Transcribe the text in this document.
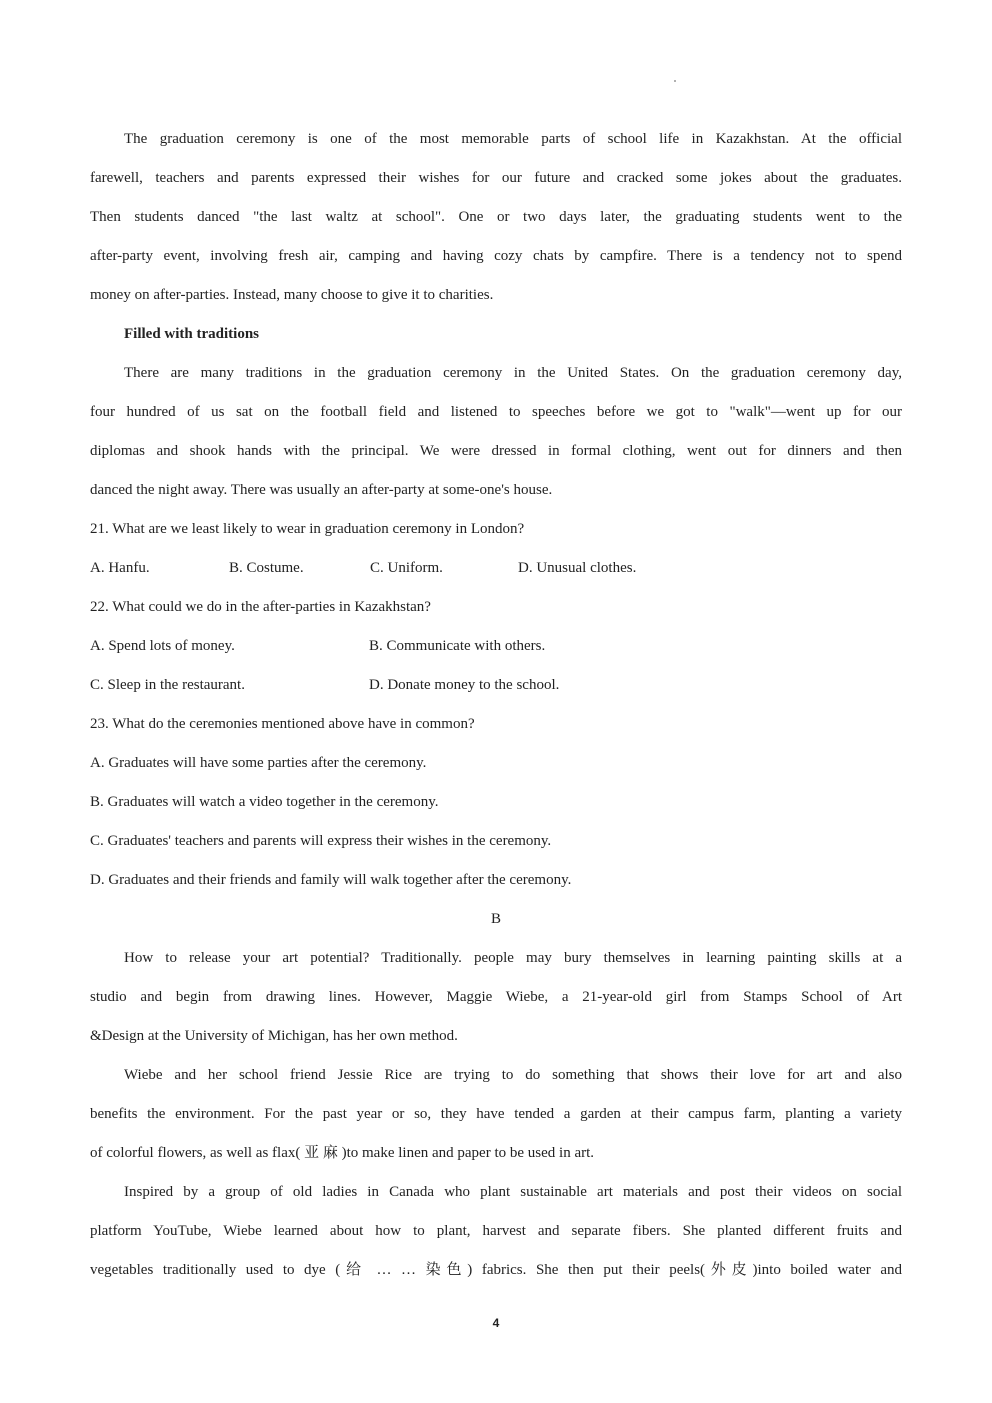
The graduation ceremony is one of the most memorable parts of school life in Kazakhstan. At the official
farewell, teachers and parents expressed their wishes for our future and cracked some jokes about the graduates.
Then students danced "the last waltz at school". One or two days later, the graduating students went to the
after-party event, involving fresh air, camping and having cozy chats by campfire. There is a tendency not to spend
money on after-parties. Instead, many choose to give it to charities.
Filled with traditions
There are many traditions in the graduation ceremony in the United States. On the graduation ceremony day,
four hundred of us sat on the football field and listened to speeches before we got to "walk"—went up for our
diplomas and shook hands with the principal. We were dressed in formal clothing, went out for dinners and then
danced the night away. There was usually an after-party at some-one's house.
21. What are we least likely to wear in graduation ceremony in London?
A. Hanfu.	B. Costume.	C. Uniform.	D. Unusual clothes.
22. What could we do in the after-parties in Kazakhstan?
A. Spend lots of money.	B. Communicate with others.
C. Sleep in the restaurant.	D. Donate money to the school.
23. What do the ceremonies mentioned above have in common?
A. Graduates will have some parties after the ceremony.
B. Graduates will watch a video together in the ceremony.
C. Graduates' teachers and parents will express their wishes in the ceremony.
D. Graduates and their friends and family will walk together after the ceremony.
B
How to release your art potential? Traditionally. people may bury themselves in learning painting skills at a
studio and begin from drawing lines. However, Maggie Wiebe, a 21-year-old girl from Stamps School of Art
&Design at the University of Michigan, has her own method.
Wiebe and her school friend Jessie Rice are trying to do something that shows their love for art and also
benefits the environment. For the past year or so, they have tended a garden at their campus farm, planting a variety
of colorful flowers, as well as flax( 亚 麻 )to make linen and paper to be used in art.
Inspired by a group of old ladies in Canada who plant sustainable art materials and post their videos on social
platform YouTube, Wiebe learned about how to plant, harvest and separate fibers. She planted different fruits and
vegetables traditionally used to dye (给 … … 染色) fabrics. She then put their peels(外皮)into boiled water and
4
